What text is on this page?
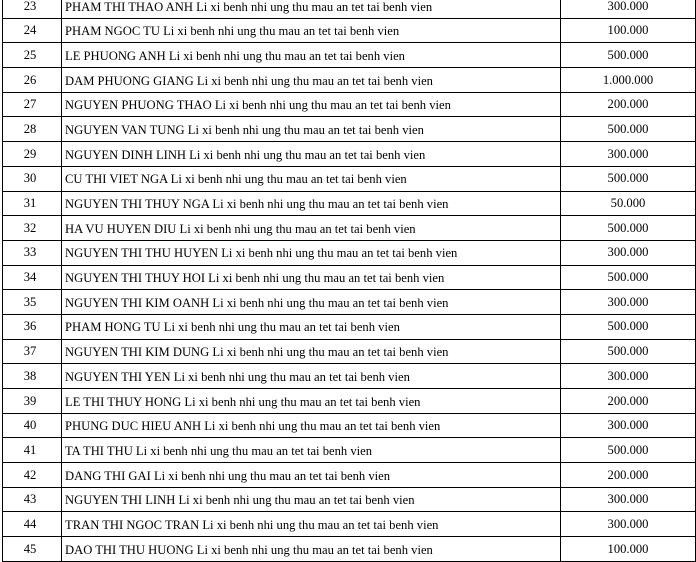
23	PHAM THI THAO ANH Li xi benh nhi ung thu mau an tet tai benh vien	300.000
24	PHAM NGOC TU Li xi benh nhi ung thu mau an tet tai benh vien	100.000
25	LE PHUONG ANH Li xi benh nhi ung thu mau an tet tai benh vien	500.000
26	DAM PHUONG GIANG Li xi benh nhi ung thu mau an tet tai benh vien	1.000.000
27	NGUYEN PHUONG THAO Li xi benh nhi ung thu mau an tet tai benh vien	200.000
28	NGUYEN VAN TUNG Li xi benh nhi ung thu mau an tet tai benh vien	500.000
29	NGUYEN DINH LINH Li xi benh nhi ung thu mau an tet tai benh vien	300.000
30	CU THI VIET NGA Li xi benh nhi ung thu mau an tet tai benh vien	500.000
31	NGUYEN THI THUY NGA Li xi benh nhi ung thu mau an tet tai benh vien	50.000
32	HA VU HUYEN DIU Li xi benh nhi ung thu mau an tet tai benh vien	500.000
33	NGUYEN THI THU HUYEN Li xi benh nhi ung thu mau an tet tai benh vien	300.000
34	NGUYEN THI THUY HOI Li xi benh nhi ung thu mau an tet tai benh vien	500.000
35	NGUYEN THI KIM OANH Li xi benh nhi ung thu mau an tet tai benh vien	300.000
36	PHAM HONG TU Li xi benh nhi ung thu mau an tet tai benh vien	500.000
37	NGUYEN THI KIM DUNG Li xi benh nhi ung thu mau an tet tai benh vien	500.000
38	NGUYEN THI YEN Li xi benh nhi ung thu mau an tet tai benh vien	300.000
39	LE THI THUY HONG Li xi benh nhi ung thu mau an tet tai benh vien	200.000
40	PHUNG DUC HIEU ANH Li xi benh nhi ung thu mau an tet tai benh vien	300.000
41	TA THI THU Li xi benh nhi ung thu mau an tet tai benh vien	500.000
42	DANG THI GAI Li xi benh nhi ung thu mau an tet tai benh vien	200.000
43	NGUYEN THI LINH Li xi benh nhi ung thu mau an tet tai benh vien	300.000
44	TRAN THI NGOC TRAN Li xi benh nhi ung thu mau an tet tai benh vien	300.000
45	DAO THI THU HUONG Li xi benh nhi ung thu mau an tet tai benh vien	100.000
